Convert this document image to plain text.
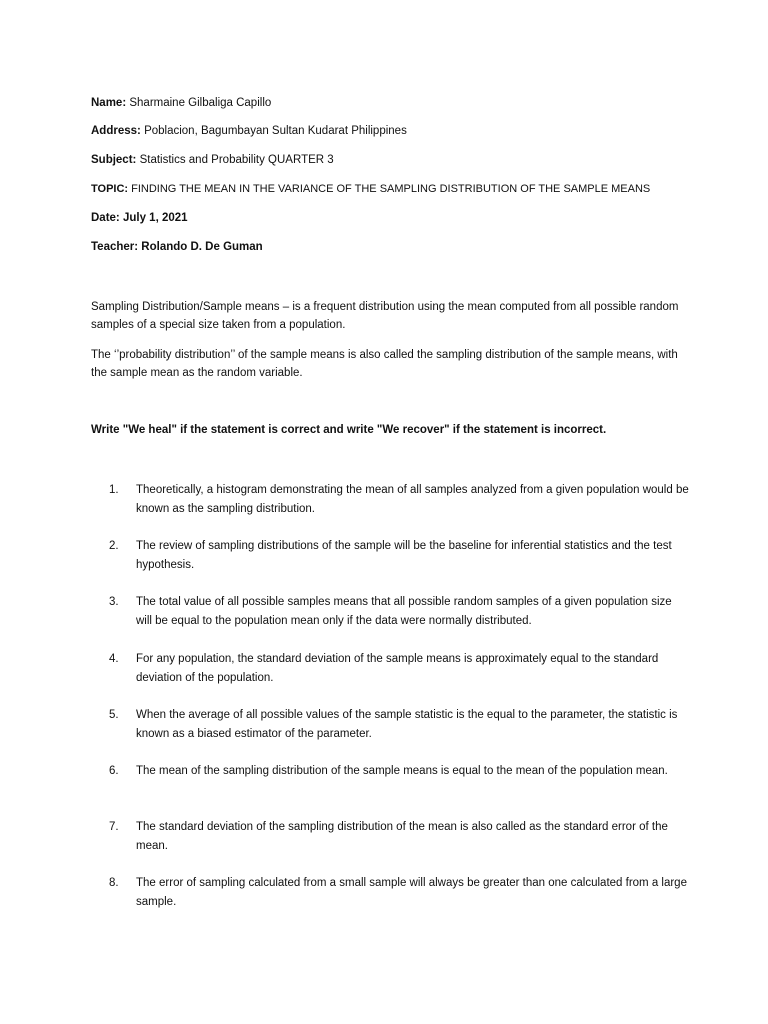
Name: Sharmaine Gilbaliga Capillo
Address: Poblacion, Bagumbayan Sultan Kudarat Philippines
Subject: Statistics and Probability QUARTER 3
TOPIC: FINDING THE MEAN IN THE VARIANCE OF THE SAMPLING DISTRIBUTION OF THE SAMPLE MEANS
Date: July 1, 2021
Teacher: Rolando D. De Guman
Sampling Distribution/Sample means – is a frequent distribution using the mean computed from all possible random samples of a special size taken from a population.
The ‘’probability distribution’’ of the sample means is also called the sampling distribution of the sample means, with the sample mean as the random variable.
Write "We heal" if the statement is correct and write "We recover" if the statement is incorrect.
1.	Theoretically, a histogram demonstrating the mean of all samples analyzed from a given population would be known as the sampling distribution.
2.	The review of sampling distributions of the sample will be the baseline for inferential statistics and the test hypothesis.
3.	The total value of all possible samples means that all possible random samples of a given population size will be equal to the population mean only if the data were normally distributed.
4.	For any population, the standard deviation of the sample means is approximately equal to the standard deviation of the population.
5.	When the average of all possible values of the sample statistic is the equal to the parameter, the statistic is known as a biased estimator of the parameter.
6.	The mean of the sampling distribution of the sample means is equal to the mean of the population mean.
7.	The standard deviation of the sampling distribution of the mean is also called as the standard error of the mean.
8.	The error of sampling calculated from a small sample will always be greater than one calculated from a large sample.
